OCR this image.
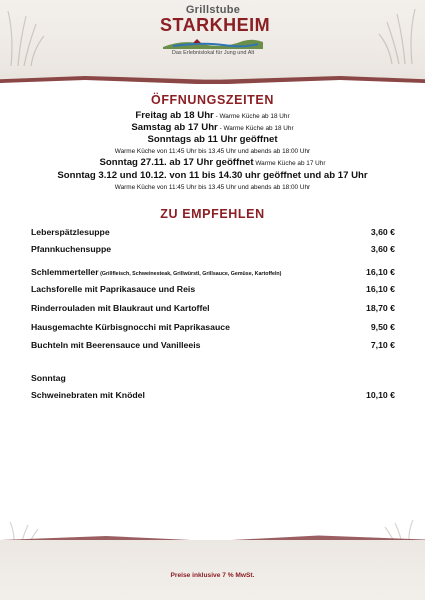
Grillstube
STARKHEIM
Das Erlebnislokal für Jung und Alt
ÖFFNUNGSZEITEN
Freitag ab 18 Uhr - Warme Küche ab 18 Uhr
Samstag ab 17 Uhr - Warme Küche ab 18 Uhr
Sonntags ab 11 Uhr geöffnet
Warme Küche von 11:45 Uhr bis 13.45 Uhr und abends ab 18:00 Uhr
Sonntag 27.11. ab 17 Uhr geöffnet Warme Küche ab 17 Uhr
Sonntag 3.12 und 10.12. von 11 bis 14.30 uhr geöffnet und ab 17 Uhr
Warme Küche von 11:45 Uhr bis 13.45 Uhr und abends ab 18:00 Uhr
ZU EMPFEHLEN
Leberspätzlesuppe	3,60 €
Pfannkuchensuppe	3,60 €
Schlemmerteller (Grillfleisch, Schweinesteak, Grillwürstl, Grillsauce, Gemüse, Kartoffeln)	16,10 €
Lachsforelle mit Paprikasauce und Reis	16,10 €
Rinderrouladen mit Blaukraut und Kartoffel	18,70 €
Hausgemachte Kürbisgnocchi mit Paprikasauce	9,50 €
Buchteln mit Beerensauce und Vanilleeis	7,10 €
Sonntag
Schweinebraten mit Knödel	10,10 €
Preise inklusive 7 % MwSt.
